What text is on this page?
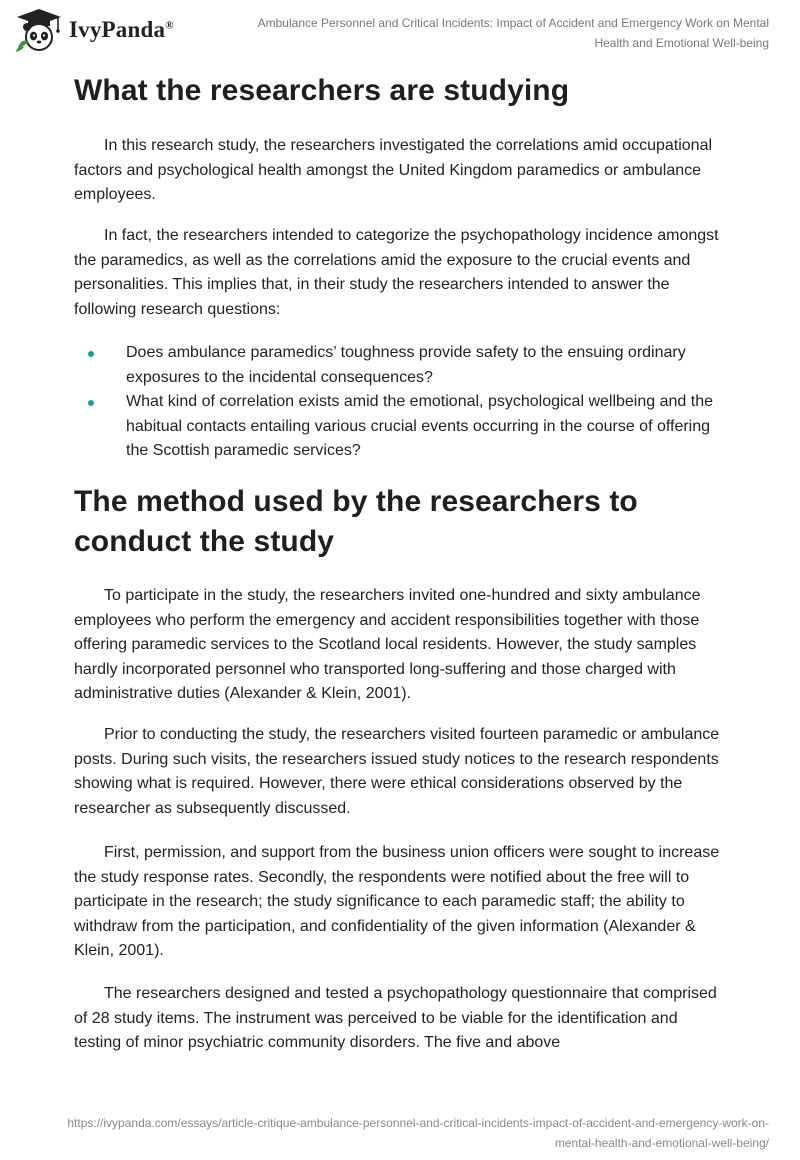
IvyPanda®	Ambulance Personnel and Critical Incidents: Impact of Accident and Emergency Work on Mental
Health and Emotional Well-being
What the researchers are studying

In this research study, the researchers investigated the correlations amid occupational factors and psychological health amongst the United Kingdom paramedics or ambulance employees.

In fact, the researchers intended to categorize the psychopathology incidence amongst the paramedics, as well as the correlations amid the exposure to the crucial events and personalities. This implies that, in their study the researchers intended to answer the following research questions:

Does ambulance paramedics’ toughness provide safety to the ensuing ordinary exposures to the incidental consequences?
What kind of correlation exists amid the emotional, psychological wellbeing and the habitual contacts entailing various crucial events occurring in the course of offering the Scottish paramedic services?
The method used by the researchers to conduct the study

To participate in the study, the researchers invited one-hundred and sixty ambulance employees who perform the emergency and accident responsibilities together with those offering paramedic services to the Scotland local residents. However, the study samples hardly incorporated personnel who transported long-suffering and those charged with administrative duties (Alexander & Klein, 2001).

Prior to conducting the study, the researchers visited fourteen paramedic or ambulance posts. During such visits, the researchers issued study notices to the research respondents showing what is required. However, there were ethical considerations observed by the researcher as subsequently discussed.

First, permission, and support from the business union officers were sought to increase the study response rates. Secondly, the respondents were notified about the free will to participate in the research; the study significance to each paramedic staff; the ability to withdraw from the participation, and confidentiality of the given information (Alexander & Klein, 2001).

The researchers designed and tested a psychopathology questionnaire that comprised of 28 study items. The instrument was perceived to be viable for the identification and testing of minor psychiatric community disorders. The five and above

https://ivypanda.com/essays/article-critique-ambulance-personnel-and-critical-incidents-impact-of-accident-and-emergency-work-on-
mental-health-and-emotional-well-being/
